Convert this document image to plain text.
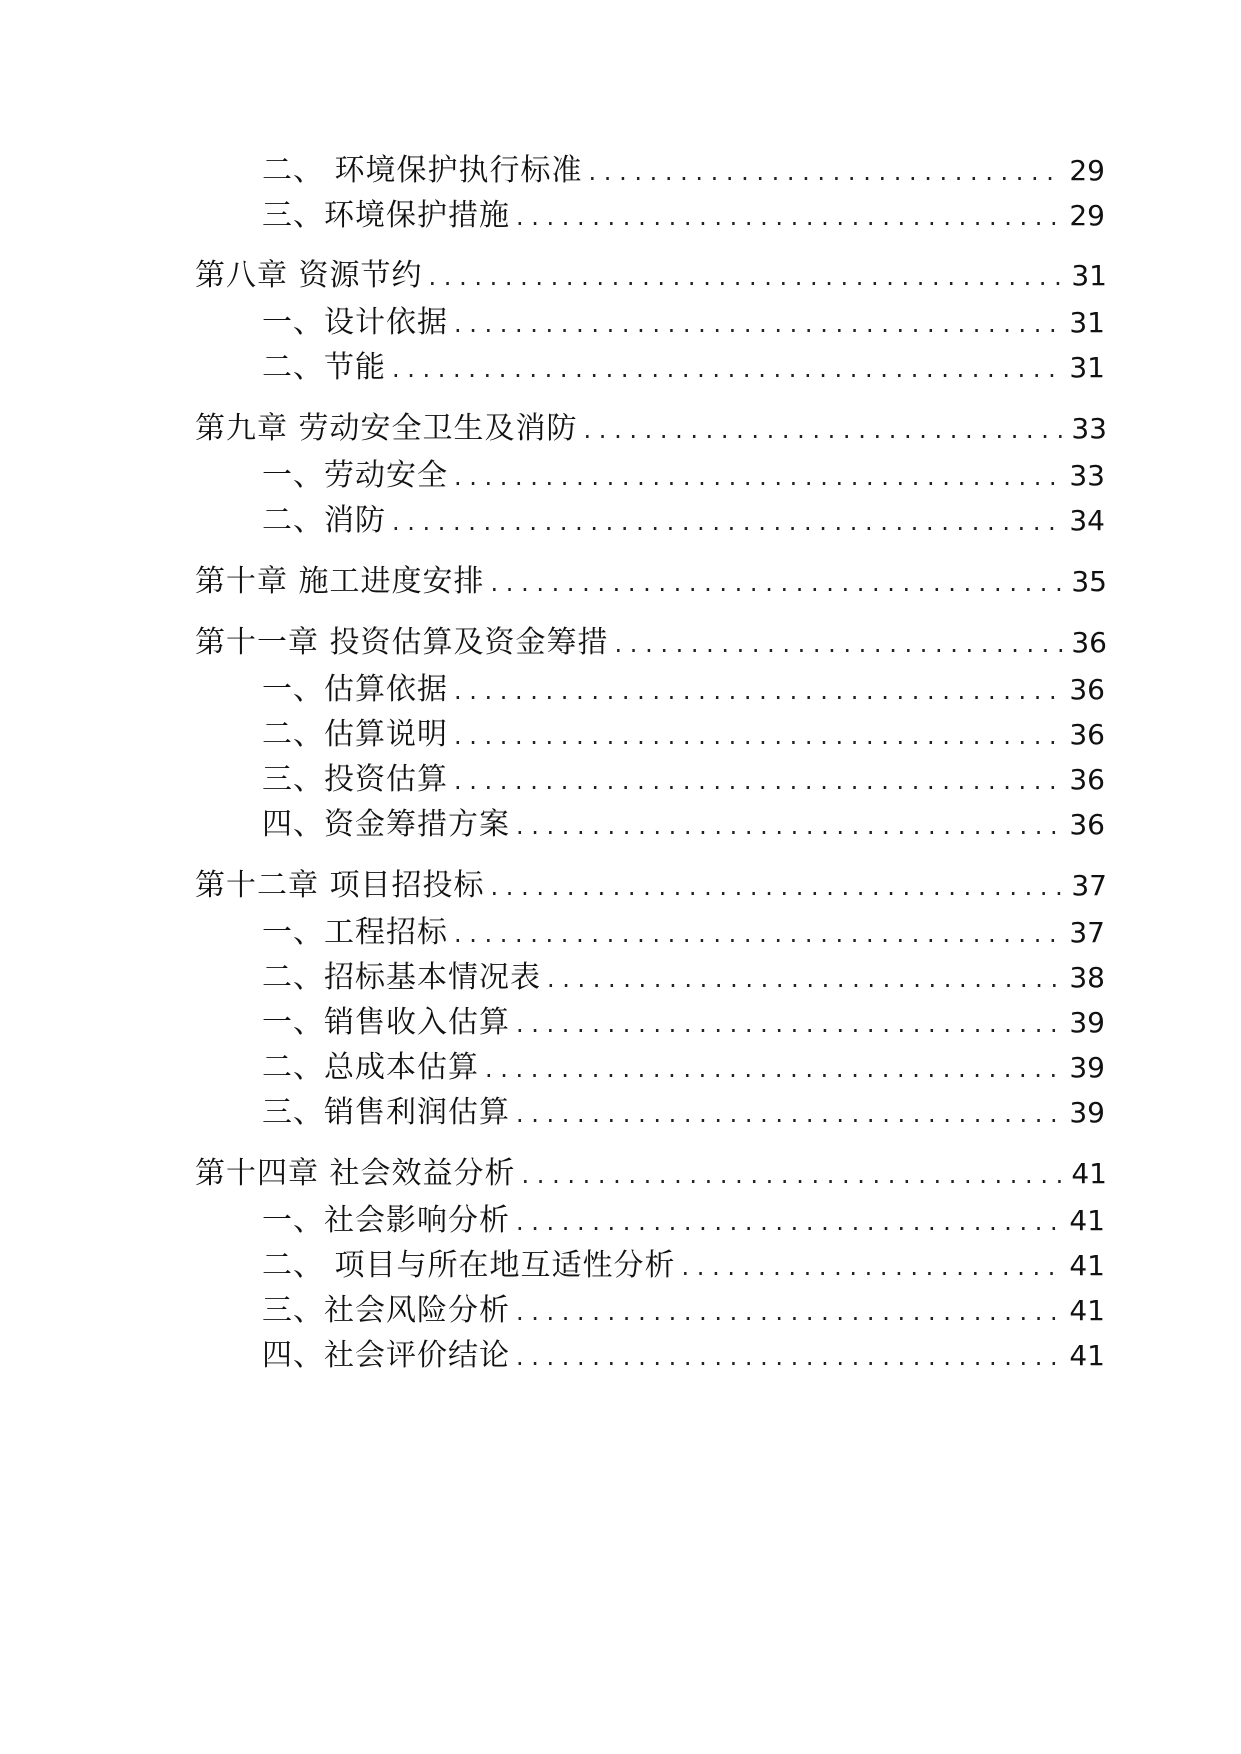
二、 环境保护执行标准 . . .	29
三、环境保护措施 . . .	29
第八章 资源节约 . . .	31
一、设计依据 . . .	31
二、节能 . . .	31
第九章 劳动安全卫生及消防 . . .	33
一、劳动安全 . . .	33
二、消防 . . .	34
第十章 施工进度安排 . . .	35
第十一章 投资估算及资金筹措 . . .	36
一、估算依据 . . .	36
二、估算说明 . . .	36
三、投资估算 . . .	36
四、资金筹措方案 . . .	36
第十二章 项目招投标 . . .	37
一、工程招标 . . .	37
二、招标基本情况表 . . .	38
一、销售收入估算 . . .	39
二、总成本估算 . . .	39
三、销售利润估算 . . .	39
第十四章 社会效益分析 . . .	41
一、社会影响分析 . . .	41
二、 项目与所在地互适性分析 . . .	41
三、社会风险分析 . . .	41
四、社会评价结论 . . .	41
